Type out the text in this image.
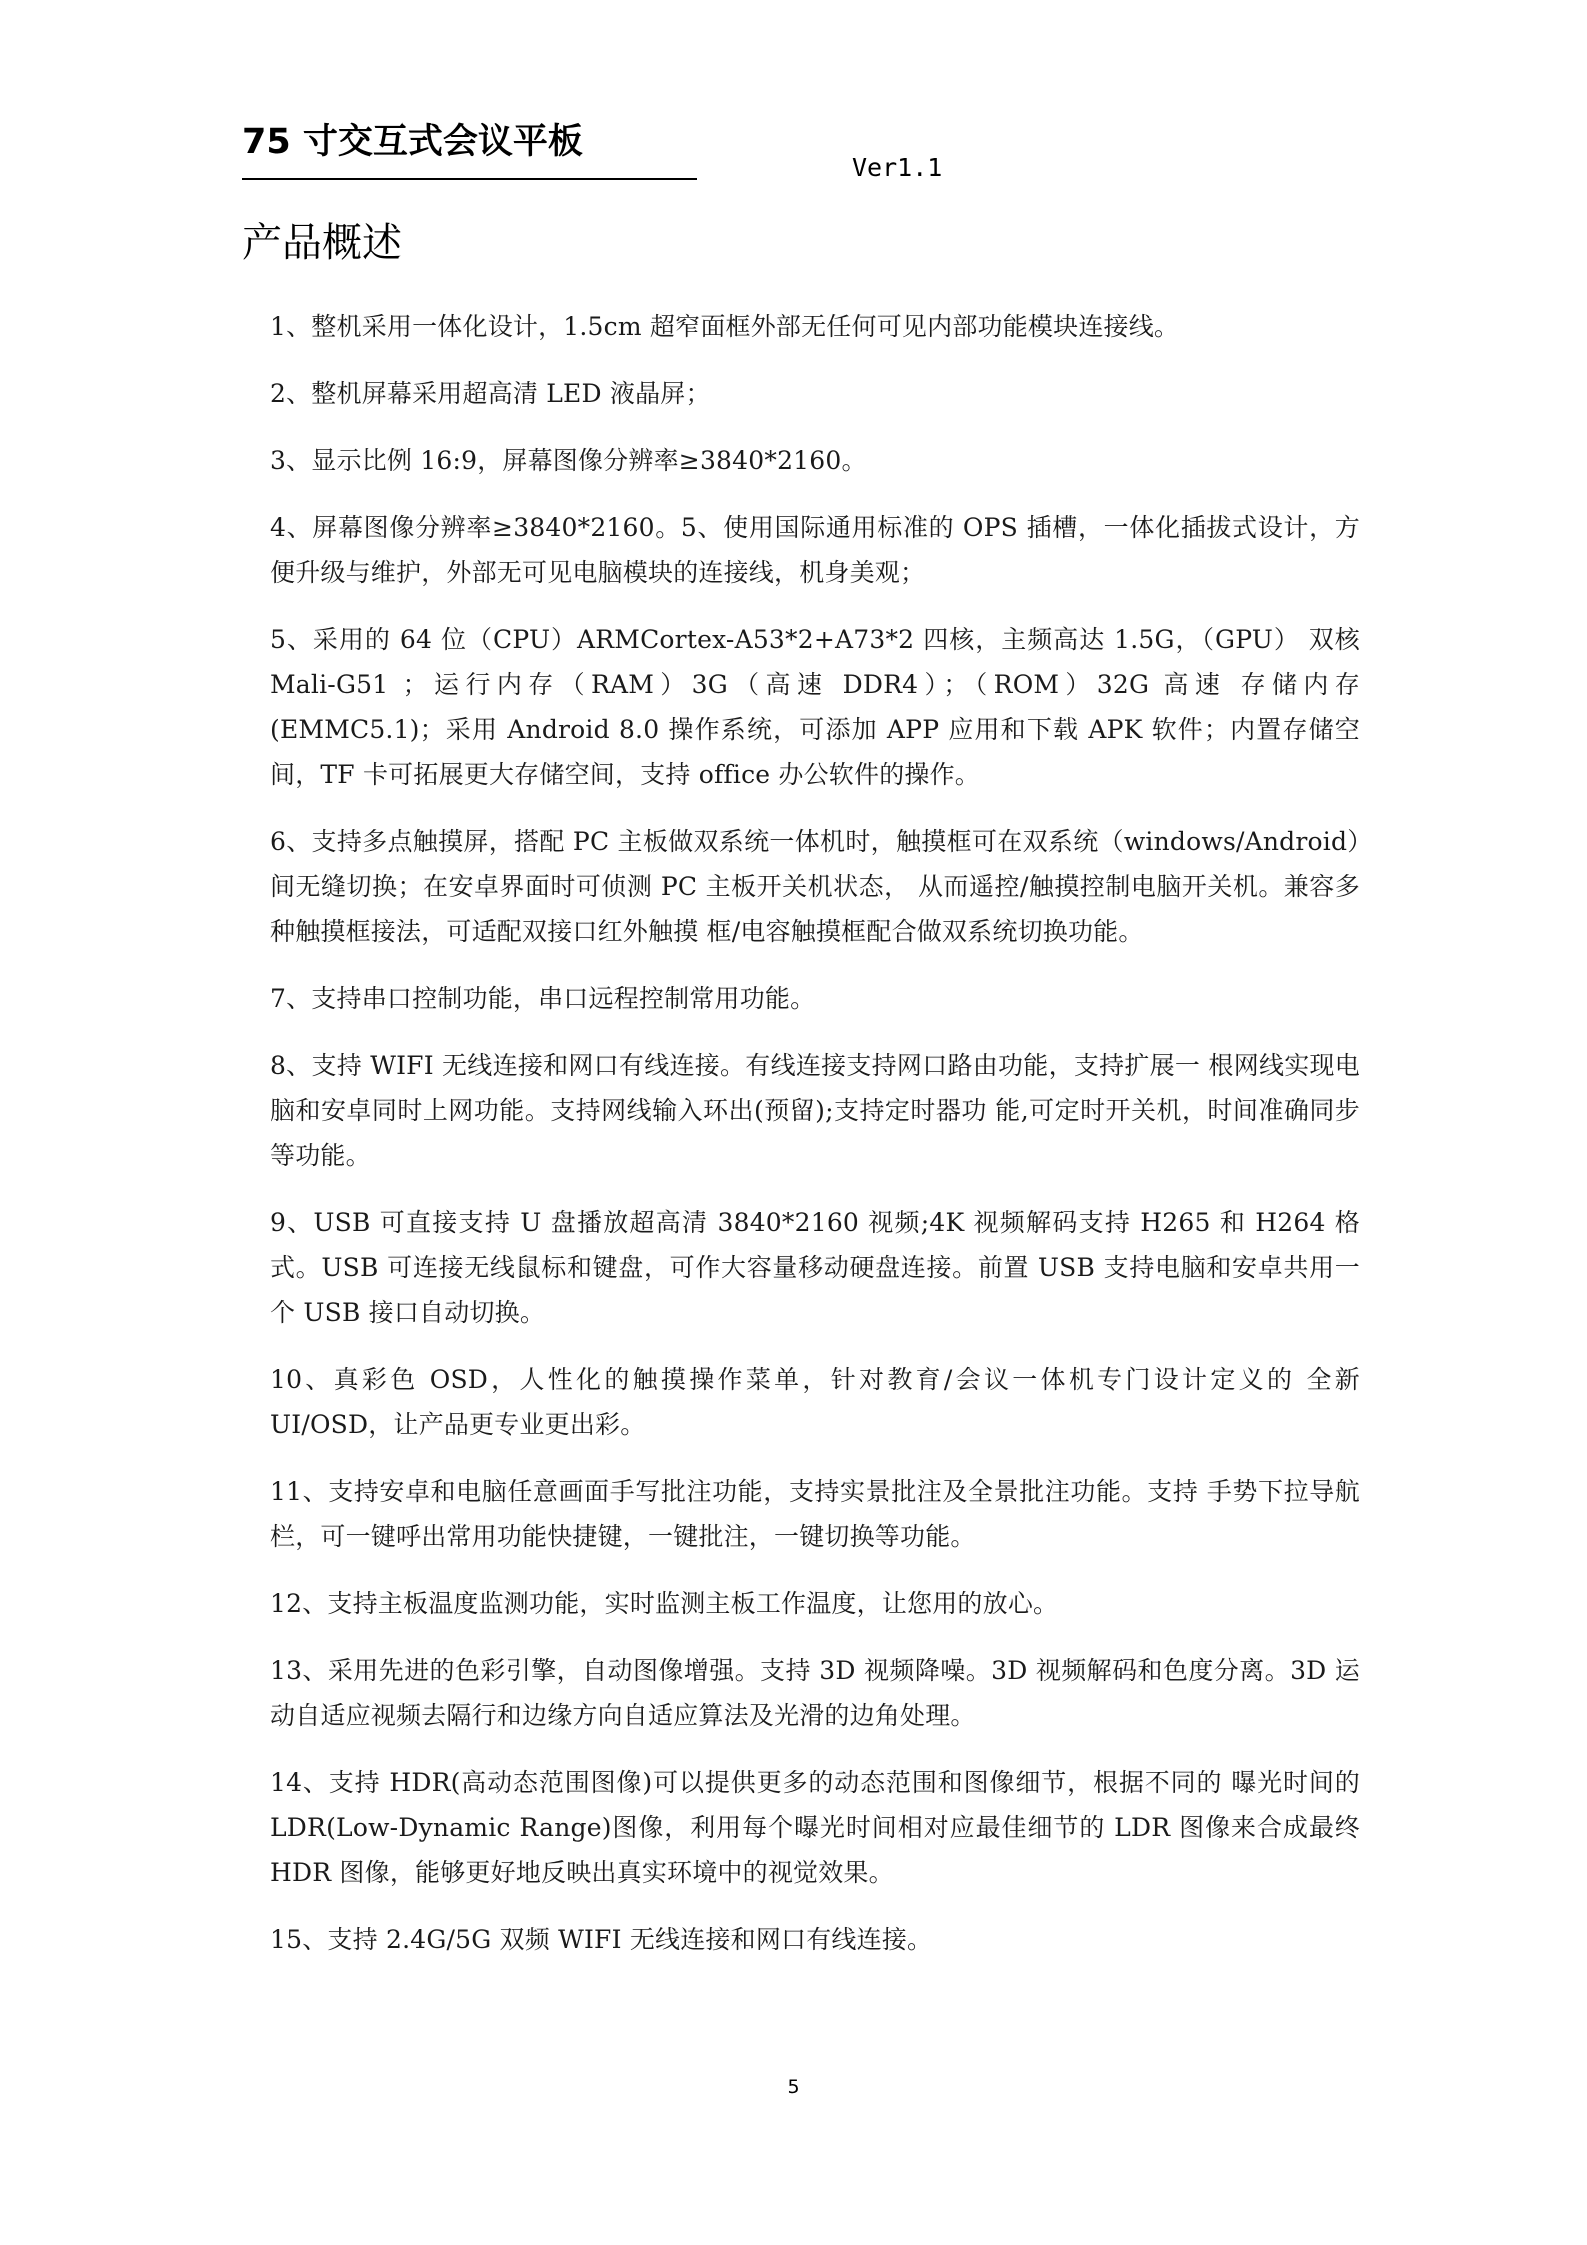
75 寸交互式会议平板
Ver1.1
产品概述
1、整机采用一体化设计，1.5cm 超窄面框外部无任何可见内部功能模块连接线。
2、整机屏幕采用超高清 LED 液晶屏；
3、显示比例 16:9，屏幕图像分辨率≥3840*2160。
4、屏幕图像分辨率≥3840*2160。5、使用国际通用标准的 OPS 插槽，一体化插拔式设计，方便升级与维护，外部无可见电脑模块的连接线，机身美观；
5、采用的 64 位（CPU）ARMCortex-A53*2+A73*2 四核，主频高达 1.5G，（GPU） 双核 Mali-G51 ；运行内存（RAM）3G（高速 DDR4）；（ROM）32G 高速 存储内存(EMMC5.1)；采用 Android 8.0 操作系统，可添加 APP 应用和下载 APK 软件；内置存储空间，TF 卡可拓展更大存储空间，支持 office 办公软件的操作。
6、支持多点触摸屏，搭配 PC 主板做双系统一体机时，触摸框可在双系统（windows/Android）间无缝切换；在安卓界面时可侦测 PC 主板开关机状态， 从而遥控/触摸控制电脑开关机。兼容多种触摸框接法，可适配双接口红外触摸 框/电容触摸框配合做双系统切换功能。
7、支持串口控制功能，串口远程控制常用功能。
8、支持 WIFI 无线连接和网口有线连接。有线连接支持网口路由功能，支持扩展一 根网线实现电脑和安卓同时上网功能。支持网线输入环出(预留);支持定时器功 能,可定时开关机，时间准确同步等功能。
9、USB 可直接支持 U 盘播放超高清 3840*2160 视频;4K 视频解码支持 H265 和 H264 格式。USB 可连接无线鼠标和键盘，可作大容量移动硬盘连接。前置 USB 支持电脑和安卓共用一个 USB 接口自动切换。
10、真彩色 OSD，人性化的触摸操作菜单，针对教育/会议一体机专门设计定义的 全新 UI/OSD，让产品更专业更出彩。
11、支持安卓和电脑任意画面手写批注功能，支持实景批注及全景批注功能。支持 手势下拉导航栏，可一键呼出常用功能快捷键，一键批注，一键切换等功能。
12、支持主板温度监测功能，实时监测主板工作温度，让您用的放心。
13、采用先进的色彩引擎，自动图像增强。支持 3D 视频降噪。3D 视频解码和色度分离。3D 运动自适应视频去隔行和边缘方向自适应算法及光滑的边角处理。
14、支持 HDR(高动态范围图像)可以提供更多的动态范围和图像细节，根据不同的 曝光时间的 LDR(Low-Dynamic Range)图像，利用每个曝光时间相对应最佳细节的 LDR 图像来合成最终 HDR 图像，能够更好地反映出真实环境中的视觉效果。
15、支持 2.4G/5G 双频 WIFI 无线连接和网口有线连接。
5
